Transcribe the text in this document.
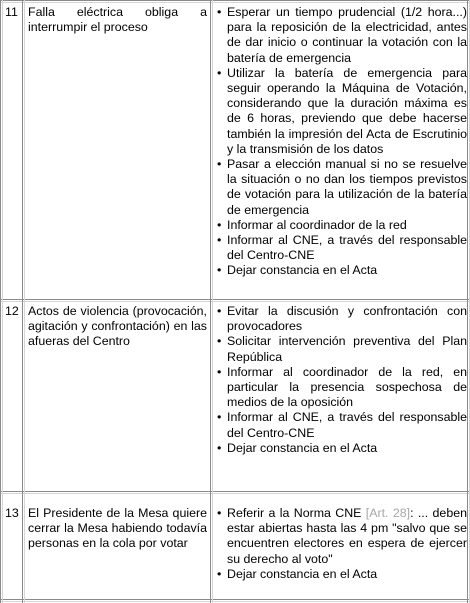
11 Falla eléctrica obliga a interrumpir el proceso
• Esperar un tiempo prudencial (1/2 hora...) para la reposición de la electricidad, antes de dar inicio o continuar la votación con la batería de emergencia
• Utilizar la batería de emergencia para seguir operando la Máquina de Votación, considerando que la duración máxima es de 6 horas, previendo que debe hacerse también la impresión del Acta de Escrutinio y la transmisión de los datos
• Pasar a elección manual si no se resuelve la situación o no dan los tiempos previstos de votación para la utilización de la batería de emergencia
• Informar al coordinador de la red
• Informar al CNE, a través del responsable del Centro-CNE
• Dejar constancia en el Acta
12 Actos de violencia (provocación, agitación y confrontación) en las afueras del Centro
• Evitar la discusión y confrontación con provocadores
• Solicitar intervención preventiva del Plan República
• Informar al coordinador de la red, en particular la presencia sospechosa de medios de la oposición
• Informar al CNE, a través del responsable del Centro-CNE
• Dejar constancia en el Acta
13 El Presidente de la Mesa quiere cerrar la Mesa habiendo todavía personas en la cola por votar
• Referir a la Norma CNE [Art. 28]: ... deben estar abiertas hasta las 4 pm "salvo que se encuentren electores en espera de ejercer su derecho al voto"
• Dejar constancia en el Acta
